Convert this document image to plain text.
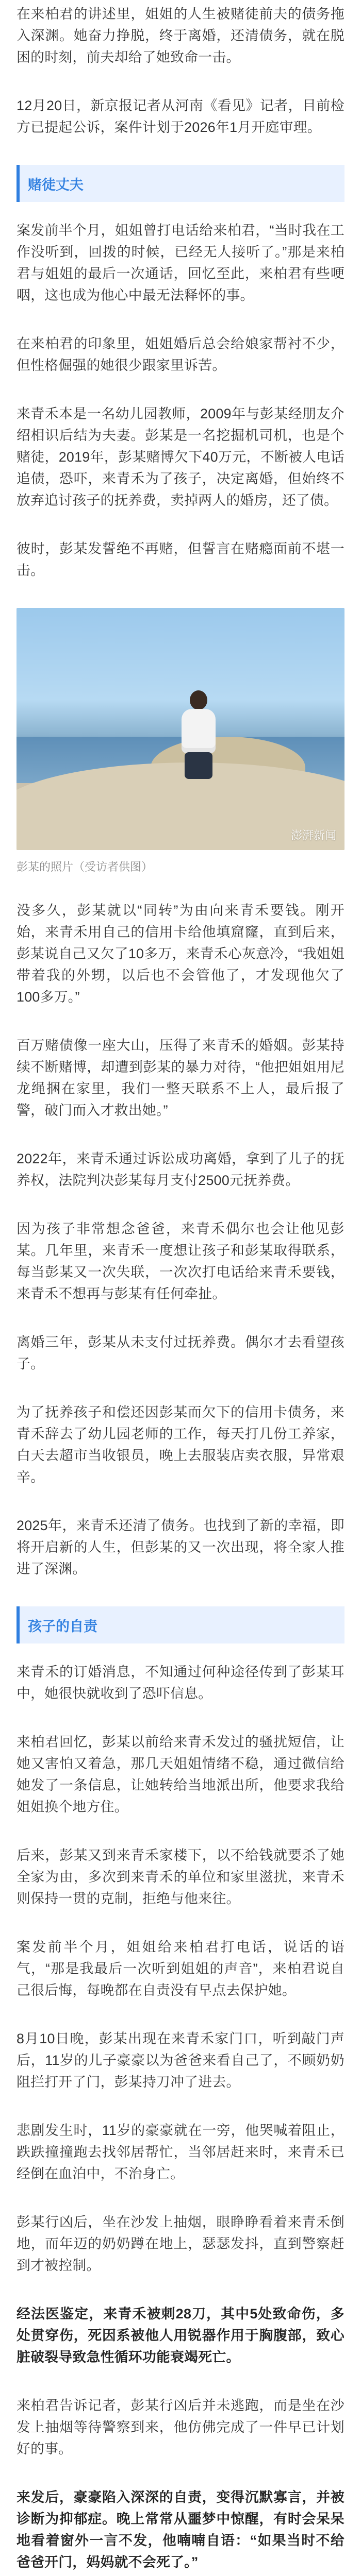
在来柏君的讲述里，姐姐的人生被赌徒前夫的债务拖入深渊。她奋力挣脱，终于离婚，还清债务，就在脱困的时刻，前夫却给了她致命一击。

12月20日，新京报记者从河南《看见》记者，目前检方已提起公诉，案件计划于2026年1月开庭审理。

赌徒丈夫

案发前半个月，姐姐曾打电话给来柏君，“当时我在工作没听到，回拨的时候，已经无人接听了。”那是来柏君与姐姐的最后一次通话，回忆至此，来柏君有些哽咽，这也成为他心中最无法释怀的事。

在来柏君的印象里，姐姐婚后总会给娘家帮衬不少，但性格倔强的她很少跟家里诉苦。

来青禾本是一名幼儿园教师，2009年与彭某经朋友介绍相识后结为夫妻。彭某是一名挖掘机司机，也是个赌徒，2019年，彭某赌博欠下40万元，不断被人电话追债，恐吓，来青禾为了孩子，决定离婚，但始终不放弃追讨孩子的抚养费，卖掉两人的婚房，还了债。

彼时，彭某发誓绝不再赌，但誓言在赌瘾面前不堪一击。

澎湃新闻
彭某的照片（受访者供图）

没多久，彭某就以“同转”为由向来青禾要钱。刚开始，来青禾用自己的信用卡给他填窟窿，直到后来，彭某说自己又欠了10多万，来青禾心灰意冷，“我姐姐带着我的外甥，以后也不会管他了，才发现他欠了100多万。”

百万赌债像一座大山，压得了来青禾的婚姻。彭某持续不断赌博，却遭到彭某的暴力对待，“他把姐姐用尼龙绳捆在家里，我们一整天联系不上人，最后报了警，破门而入才救出她。”

2022年，来青禾通过诉讼成功离婚，拿到了儿子的抚养权，法院判决彭某每月支付2500元抚养费。

因为孩子非常想念爸爸，来青禾偶尔也会让他见彭某。几年里，来青禾一度想让孩子和彭某取得联系，每当彭某又一次失联，一次次打电话给来青禾要钱，来青禾不想再与彭某有任何牵扯。

离婚三年，彭某从未支付过抚养费。偶尔才去看望孩子。

为了抚养孩子和偿还因彭某而欠下的信用卡债务，来青禾辞去了幼儿园老师的工作，每天打几份工养家，白天去超市当收银员，晚上去服装店卖衣服，异常艰辛。

2025年，来青禾还清了债务。也找到了新的幸福，即将开启新的人生，但彭某的又一次出现，将全家人推进了深渊。

孩子的自责

来青禾的订婚消息，不知通过何种途径传到了彭某耳中，她很快就收到了恐吓信息。

来柏君回忆，彭某以前给来青禾发过的骚扰短信，让她又害怕又着急，那几天姐姐情绪不稳，通过微信给她发了一条信息，让她转给当地派出所，他要求我给姐姐换个地方住。

后来，彭某又到来青禾家楼下，以不给钱就要杀了她全家为由，多次到来青禾的单位和家里滋扰，来青禾则保持一贯的克制，拒绝与他来往。

案发前半个月，姐姐给来柏君打电话，说话的语气，“那是我最后一次听到姐姐的声音”，来柏君说自己很后悔，每晚都在自责没有早点去保护她。

8月10日晚，彭某出现在来青禾家门口，听到敲门声后，11岁的儿子豪豪以为爸爸来看自己了，不顾奶奶阻拦打开了门，彭某持刀冲了进去。

悲剧发生时，11岁的豪豪就在一旁，他哭喊着阻止，跌跌撞撞跑去找邻居帮忙，当邻居赶来时，来青禾已经倒在血泊中，不治身亡。

彭某行凶后，坐在沙发上抽烟，眼睁睁看着来青禾倒地，而年迈的奶奶蹲在地上，瑟瑟发抖，直到警察赶到才被控制。

经法医鉴定，来青禾被刺28刀，其中5处致命伤，多处贯穿伤，死因系被他人用锐器作用于胸腹部，致心脏破裂导致急性循环功能衰竭死亡。

来柏君告诉记者，彭某行凶后并未逃跑，而是坐在沙发上抽烟等待警察到来，他仿佛完成了一件早已计划好的事。

来发后，豪豪陷入深深的自责，变得沉默寡言，并被诊断为抑郁症。晚上常常从噩梦中惊醒，有时会呆呆地看着窗外一言不发，他喃喃自语：“如果当时不给爸爸开门，妈妈就不会死了。”
